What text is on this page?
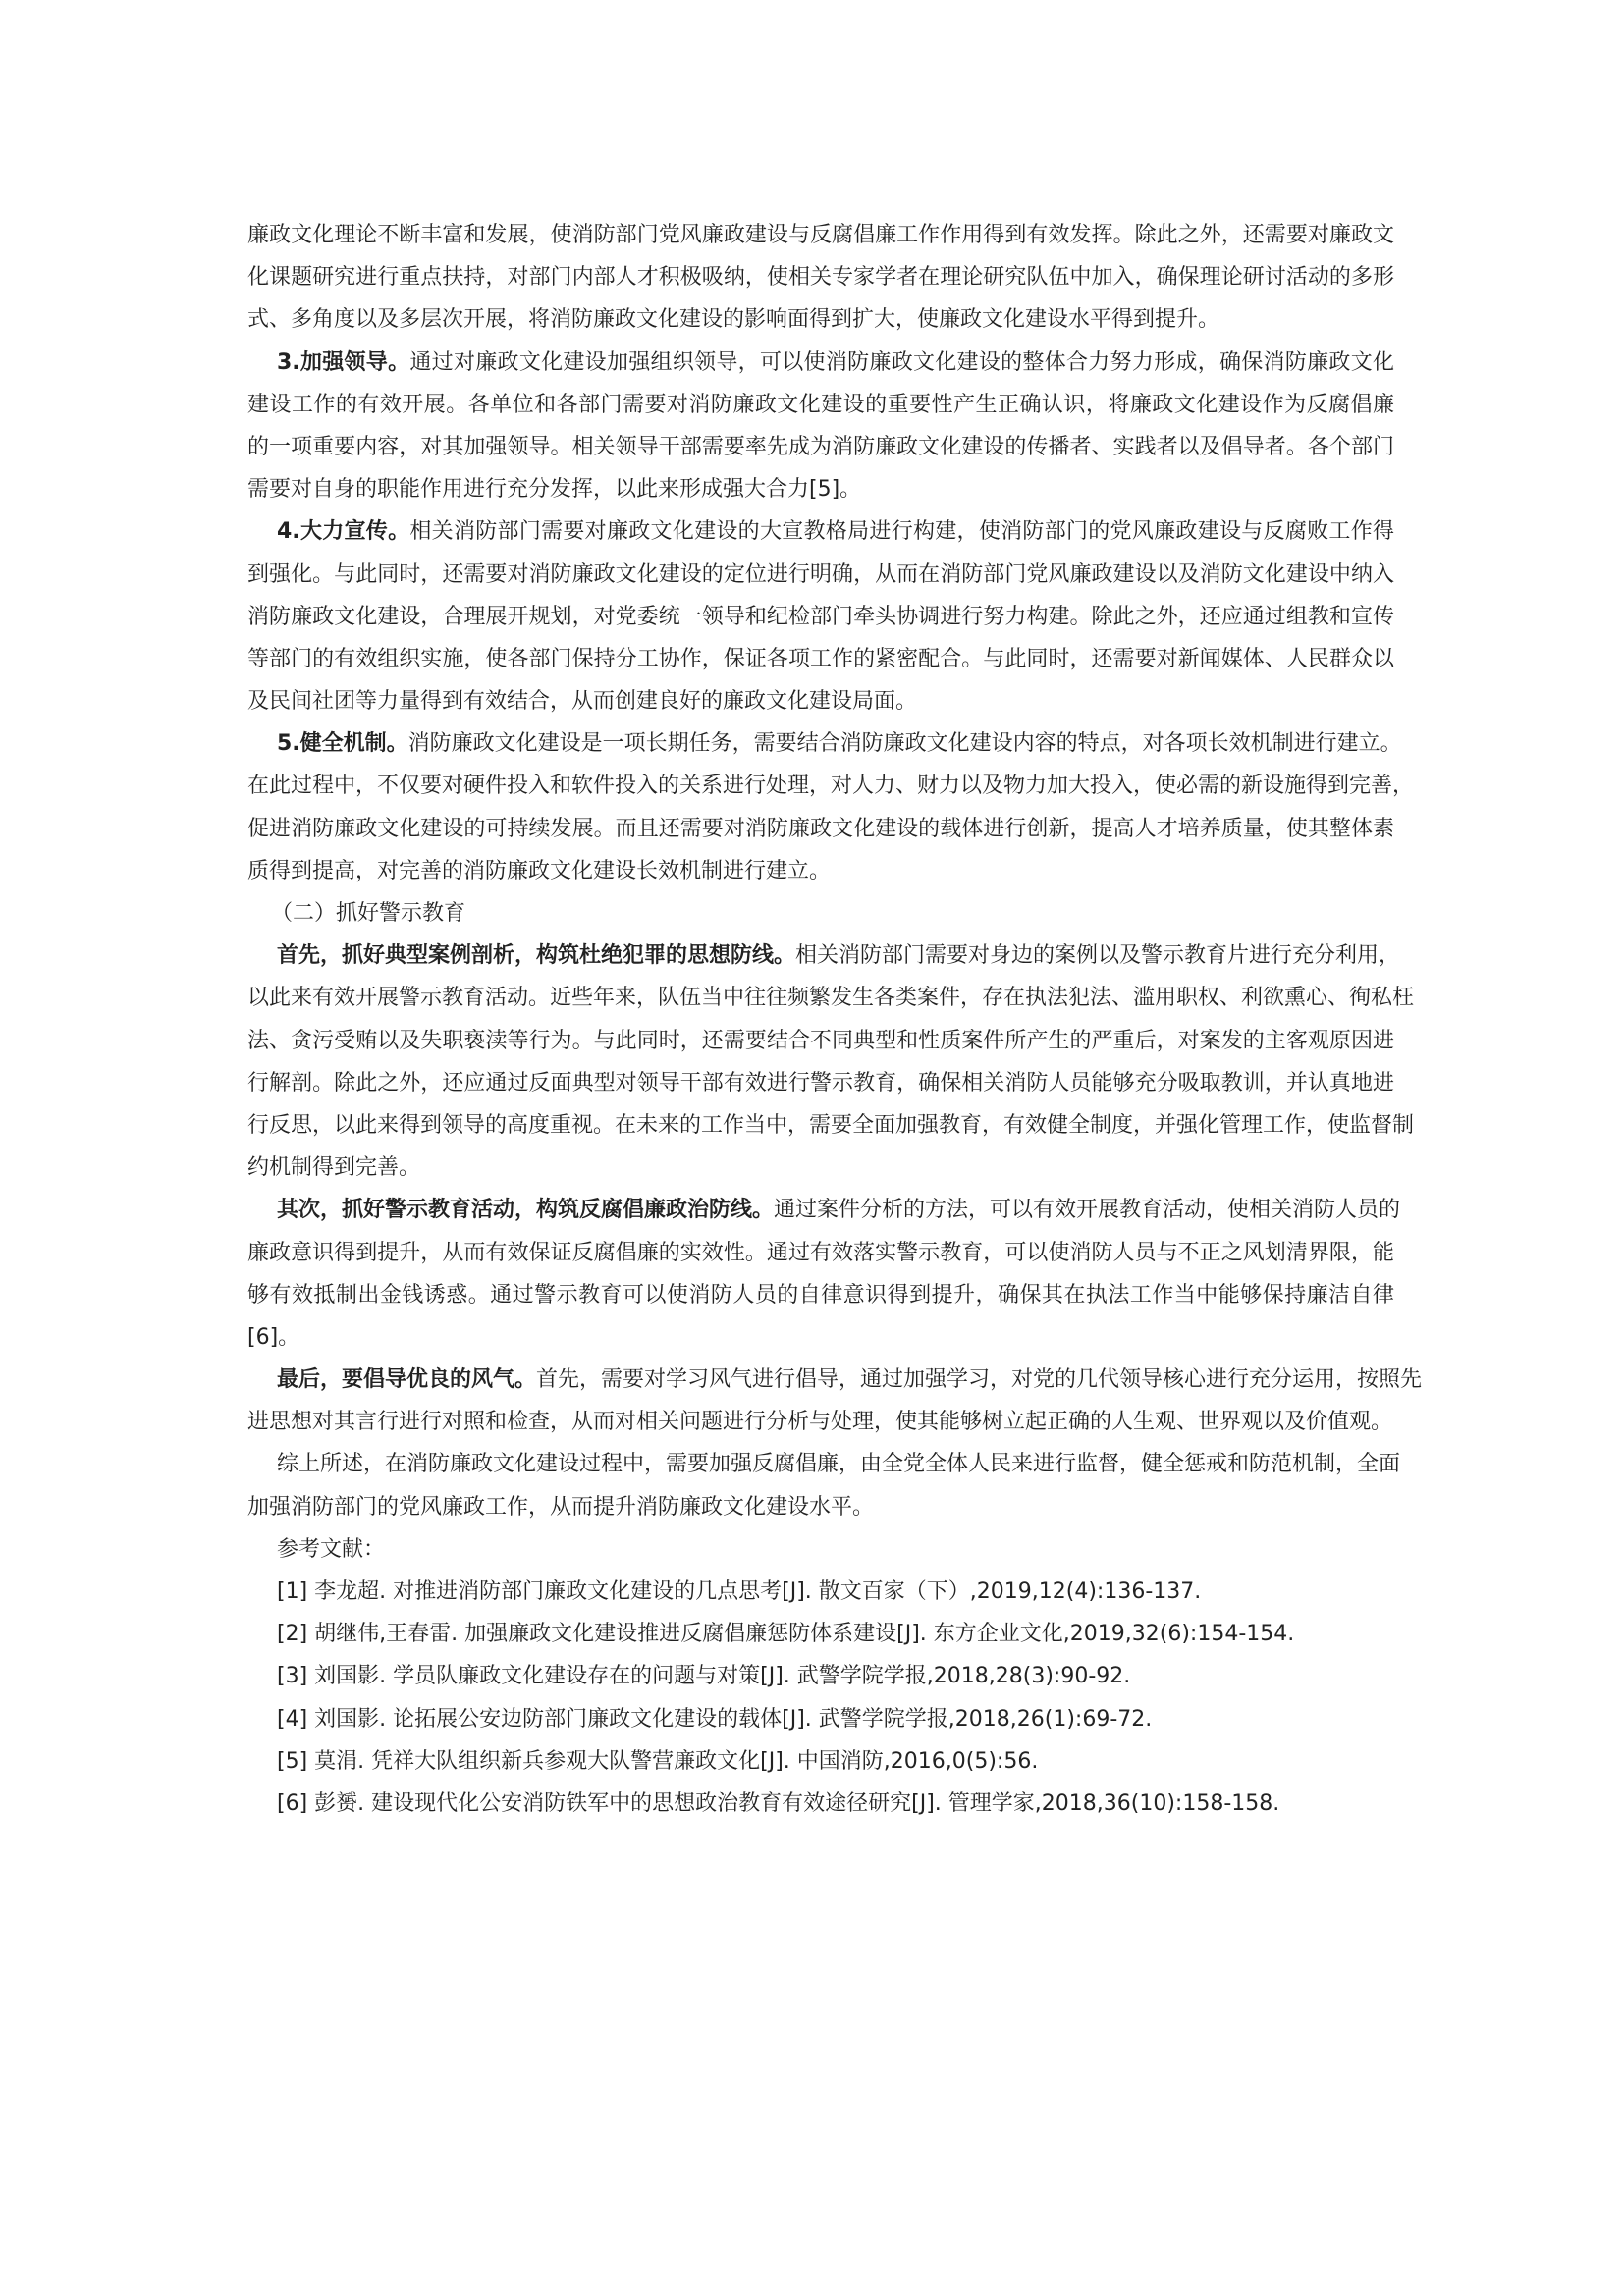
廉政文化理论不断丰富和发展，使消防部门党风廉政建设与反腐倡廉工作作用得到有效发挥。除此之外，还需要对廉政文
化课题研究进行重点扶持，对部门内部人才积极吸纳，使相关专家学者在理论研究队伍中加入，确保理论研讨活动的多形
式、多角度以及多层次开展，将消防廉政文化建设的影响面得到扩大，使廉政文化建设水平得到提升。
3.加强领导。通过对廉政文化建设加强组织领导，可以使消防廉政文化建设的整体合力努力形成，确保消防廉政文化
建设工作的有效开展。各单位和各部门需要对消防廉政文化建设的重要性产生正确认识，将廉政文化建设作为反腐倡廉
的一项重要内容，对其加强领导。相关领导干部需要率先成为消防廉政文化建设的传播者、实践者以及倡导者。各个部门
需要对自身的职能作用进行充分发挥，以此来形成强大合力[5]。
4.大力宣传。相关消防部门需要对廉政文化建设的大宣教格局进行构建，使消防部门的党风廉政建设与反腐败工作得
到强化。与此同时，还需要对消防廉政文化建设的定位进行明确，从而在消防部门党风廉政建设以及消防文化建设中纳入
消防廉政文化建设，合理展开规划，对党委统一领导和纪检部门牵头协调进行努力构建。除此之外，还应通过组教和宣传
等部门的有效组织实施，使各部门保持分工协作，保证各项工作的紧密配合。与此同时，还需要对新闻媒体、人民群众以
及民间社团等力量得到有效结合，从而创建良好的廉政文化建设局面。
5.健全机制。消防廉政文化建设是一项长期任务，需要结合消防廉政文化建设内容的特点，对各项长效机制进行建立。
在此过程中，不仅要对硬件投入和软件投入的关系进行处理，对人力、财力以及物力加大投入，使必需的新设施得到完善，
促进消防廉政文化建设的可持续发展。而且还需要对消防廉政文化建设的载体进行创新，提高人才培养质量，使其整体素
质得到提高，对完善的消防廉政文化建设长效机制进行建立。
（二）抓好警示教育
首先，抓好典型案例剖析，构筑杜绝犯罪的思想防线。相关消防部门需要对身边的案例以及警示教育片进行充分利用，
以此来有效开展警示教育活动。近些年来，队伍当中往往频繁发生各类案件，存在执法犯法、滥用职权、利欲熏心、徇私枉
法、贪污受贿以及失职亵渎等行为。与此同时，还需要结合不同典型和性质案件所产生的严重后，对案发的主客观原因进
行解剖。除此之外，还应通过反面典型对领导干部有效进行警示教育，确保相关消防人员能够充分吸取教训，并认真地进
行反思，以此来得到领导的高度重视。在未来的工作当中，需要全面加强教育，有效健全制度，并强化管理工作，使监督制
约机制得到完善。
其次，抓好警示教育活动，构筑反腐倡廉政治防线。通过案件分析的方法，可以有效开展教育活动，使相关消防人员的
廉政意识得到提升，从而有效保证反腐倡廉的实效性。通过有效落实警示教育，可以使消防人员与不正之风划清界限，能
够有效抵制出金钱诱惑。通过警示教育可以使消防人员的自律意识得到提升，确保其在执法工作当中能够保持廉洁自律
[6]。
最后，要倡导优良的风气。首先，需要对学习风气进行倡导，通过加强学习，对党的几代领导核心进行充分运用，按照先
进思想对其言行进行对照和检查，从而对相关问题进行分析与处理，使其能够树立起正确的人生观、世界观以及价值观。
综上所述，在消防廉政文化建设过程中，需要加强反腐倡廉，由全党全体人民来进行监督，健全惩戒和防范机制，全面
加强消防部门的党风廉政工作，从而提升消防廉政文化建设水平。
参考文献：
[1] 李龙超. 对推进消防部门廉政文化建设的几点思考[J]. 散文百家（下）,2019,12(4):136-137.
[2] 胡继伟,王春雷. 加强廉政文化建设推进反腐倡廉惩防体系建设[J]. 东方企业文化,2019,32(6):154-154.
[3] 刘国影. 学员队廉政文化建设存在的问题与对策[J]. 武警学院学报,2018,28(3):90-92.
[4] 刘国影. 论拓展公安边防部门廉政文化建设的载体[J]. 武警学院学报,2018,26(1):69-72.
[5] 莫涓. 凭祥大队组织新兵参观大队警营廉政文化[J]. 中国消防,2016,0(5):56.
[6] 彭赟. 建设现代化公安消防铁军中的思想政治教育有效途径研究[J]. 管理学家,2018,36(10):158-158.
